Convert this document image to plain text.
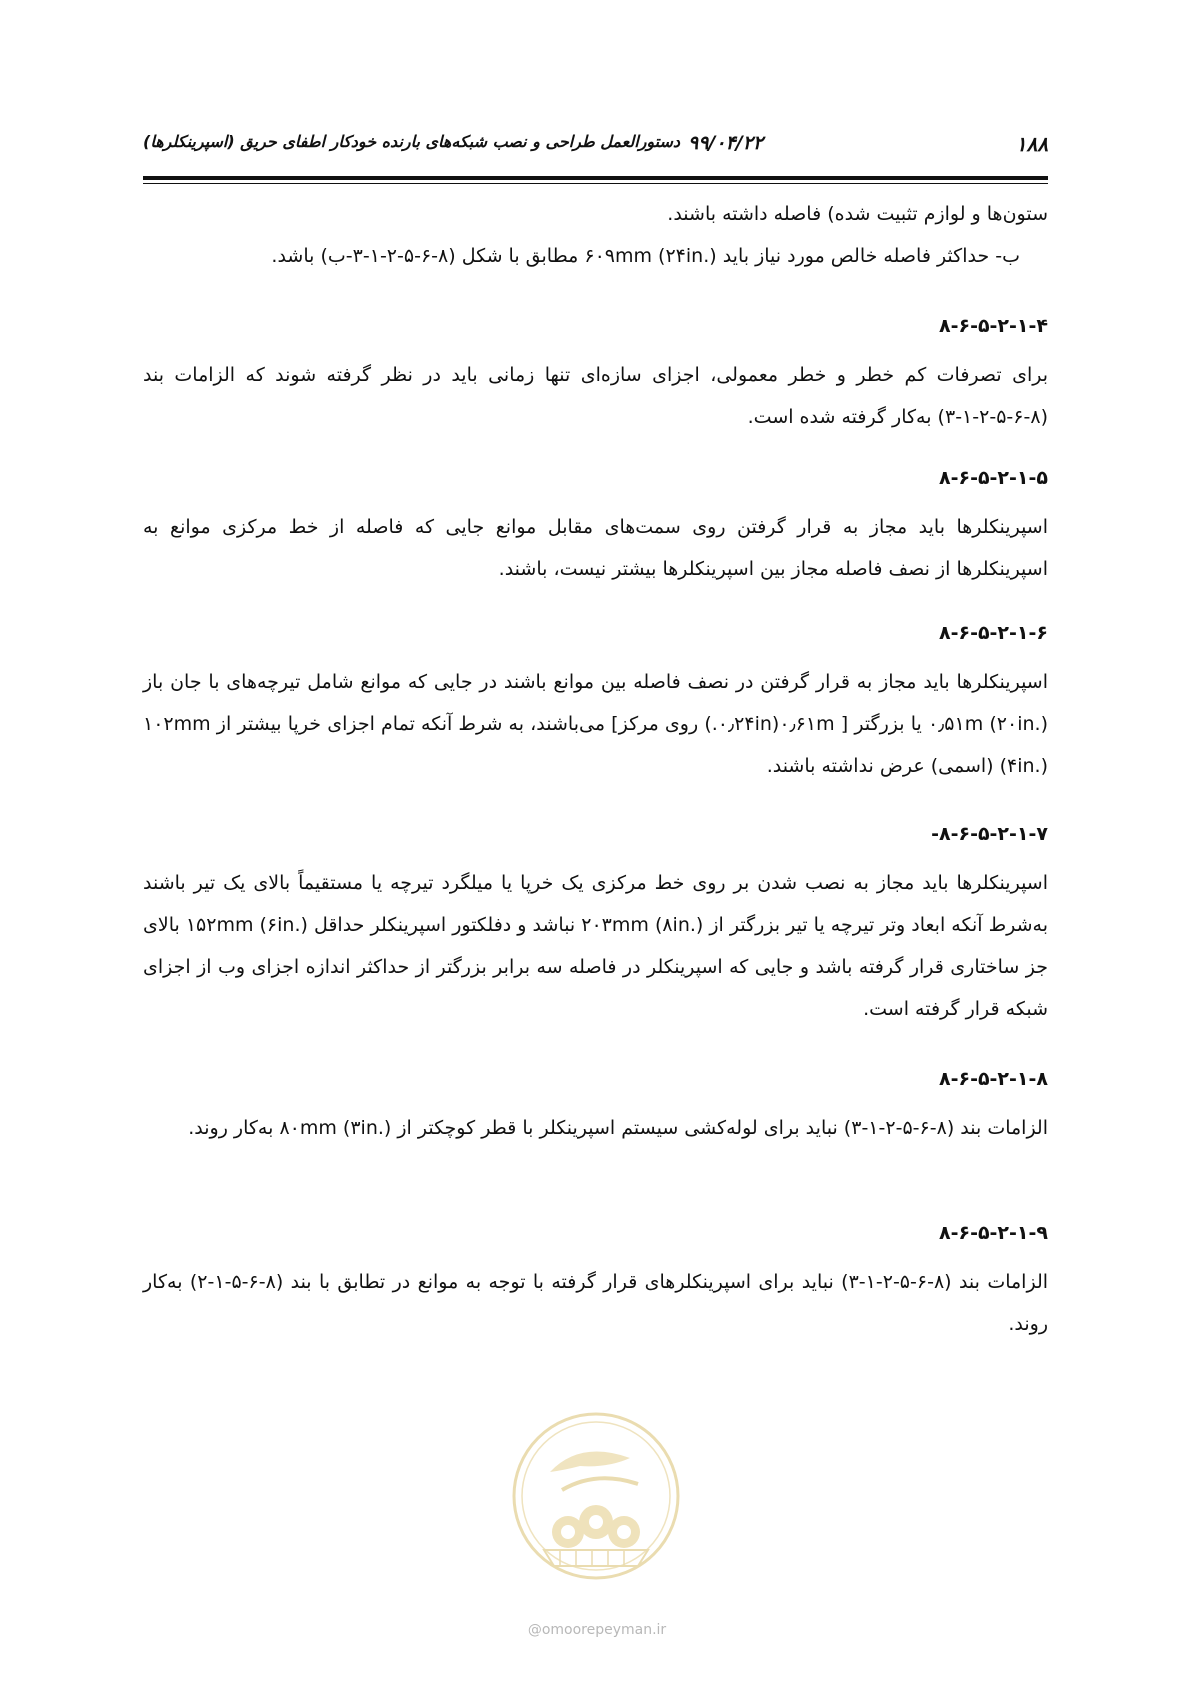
۱۸۸
۹۹/۰۴/۲۲
دستورالعمل طراحی و نصب شبکه‌های بارنده خودکار اطفای حریق (اسپرینکلرها)
ستون‌ها و لوازم تثبیت شده) فاصله داشته باشند.
ب- حداکثر فاصله خالص مورد نیاز باید ۶۰۹mm ‎(۲۴in.)‎ مطابق با شکل (۸-۶-۵-۲-۱-۳-ب) باشد.
۸-۶-۵-۲-۱-۴
برای تصرفات کم خطر و خطر معمولی، اجزای سازه‌ای تنها زمانی باید در نظر گرفته شوند که الزامات بند (۸-۶-۵-۲-۱-۳) به‌کار گرفته شده است.
۸-۶-۵-۲-۱-۵
اسپرینکلرها باید مجاز به قرار گرفتن روی سمت‌های مقابل موانع جایی که فاصله از خط مرکزی موانع به اسپرینکلرها از نصف فاصله مجاز بین اسپرینکلرها بیشتر نیست، باشند.
۸-۶-۵-۲-۱-۶
اسپرینکلرها باید مجاز به قرار گرفتن در نصف فاصله بین موانع باشند در جایی که موانع شامل تیرچه‌های با جان باز ۰٫۵۱m ‎(۲۰in.)‎ یا بزرگتر [۰٫۶۱m ‎(۰٫۲۴in.)‎ روی مرکز] می‌باشند، به شرط آنکه تمام اجزای خرپا بیشتر از ۱۰۲mm ‎(۴in.)‎ (اسمی) عرض نداشته باشند.
۸-۶-۵-۲-۱-۷-
اسپرینکلرها باید مجاز به نصب شدن بر روی خط مرکزی یک خرپا یا میلگرد تیرچه یا مستقیماً بالای یک تیر باشند به‌شرط آنکه ابعاد وتر تیرچه یا تیر بزرگتر از ۲۰۳mm ‎(۸in.)‎ نباشد و دفلکتور اسپرینکلر حداقل ۱۵۲mm ‎(۶in.)‎ بالای جز ساختاری قرار گرفته باشد و جایی که اسپرینکلر در فاصله سه برابر بزرگتر از حداکثر اندازه اجزای وب از اجزای شبکه قرار گرفته است.
۸-۶-۵-۲-۱-۸
الزامات بند (۸-۶-۵-۲-۱-۳) نباید برای لوله‌کشی سیستم اسپرینکلر با قطر کوچکتر از ۸۰mm ‎(۳in.)‎ به‌کار روند.
۸-۶-۵-۲-۱-۹
الزامات بند (۸-۶-۵-۲-۱-۳) نباید برای اسپرینکلرهای قرار گرفته با توجه به موانع در تطابق با بند (۸-۶-۵-۱-۲) به‌کار روند.
@omoorepeyman.ir
